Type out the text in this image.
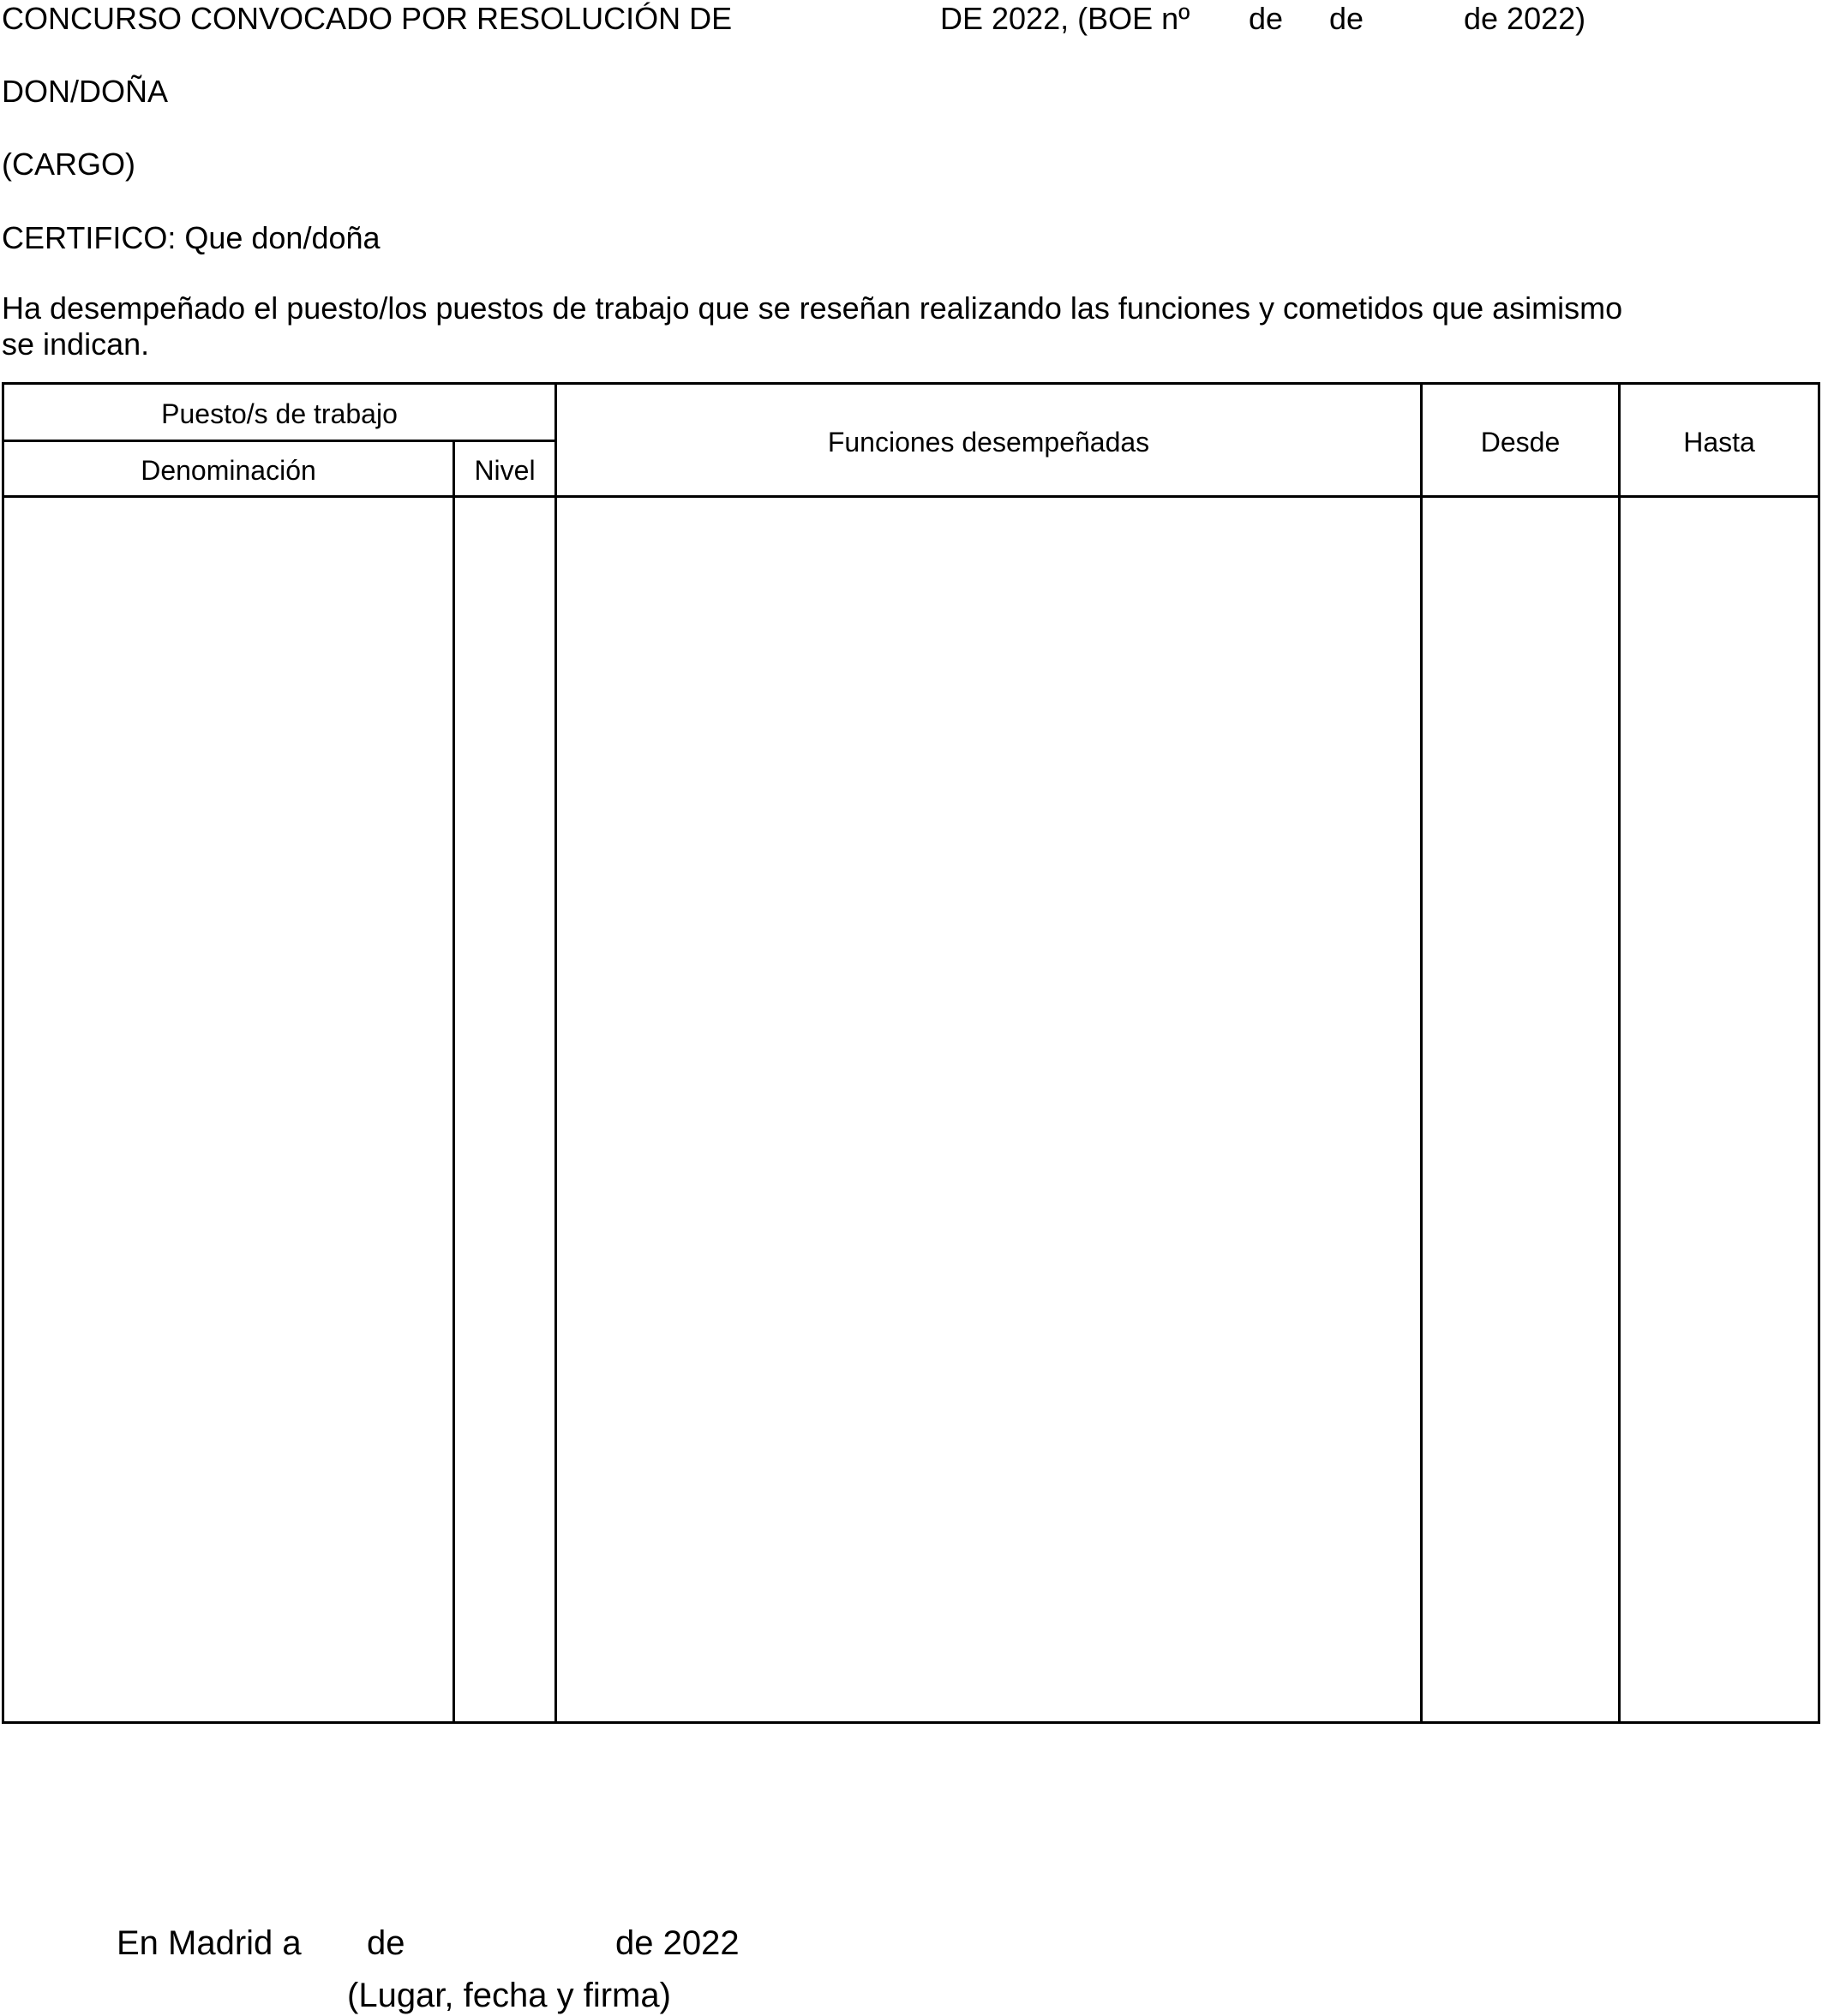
CONCURSO CONVOCADO POR RESOLUCIÓN DE	DE 2022, (BOE nº de de	de 2022)
DON/DOÑA
(CARGO)
CERTIFICO: Que don/doña
Ha desempeñado el puesto/los puestos de trabajo que se reseñan realizando las funciones y cometidos que asimismo
se indican.
Puesto/s de trabajo
Denominación	Nivel
Funciones desempeñadas	Desde	Hasta
En Madrid a de	de 2022
(Lugar, fecha y firma)
